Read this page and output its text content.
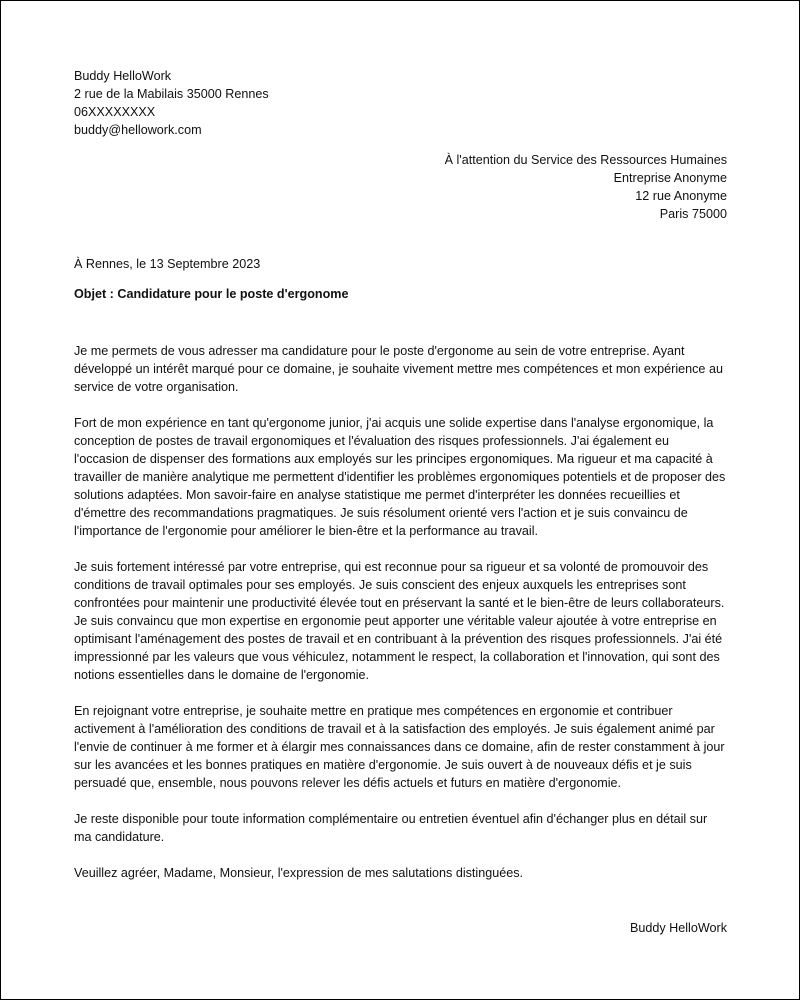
Buddy HelloWork
2 rue de la Mabilais 35000 Rennes
06XXXXXXXX
buddy@hellowork.com
À l'attention du Service des Ressources Humaines
Entreprise Anonyme
12 rue Anonyme
Paris 75000
À Rennes, le 13 Septembre 2023
Objet : Candidature pour le poste d'ergonome

Je me permets de vous adresser ma candidature pour le poste d'ergonome au sein de votre entreprise. Ayant développé un intérêt marqué pour ce domaine, je souhaite vivement mettre mes compétences et mon expérience au service de votre organisation.

Fort de mon expérience en tant qu'ergonome junior, j'ai acquis une solide expertise dans l'analyse ergonomique, la conception de postes de travail ergonomiques et l'évaluation des risques professionnels. J'ai également eu l'occasion de dispenser des formations aux employés sur les principes ergonomiques. Ma rigueur et ma capacité à travailler de manière analytique me permettent d'identifier les problèmes ergonomiques potentiels et de proposer des solutions adaptées. Mon savoir-faire en analyse statistique me permet d'interpréter les données recueillies et d'émettre des recommandations pragmatiques. Je suis résolument orienté vers l'action et je suis convaincu de l'importance de l'ergonomie pour améliorer le bien-être et la performance au travail.

Je suis fortement intéressé par votre entreprise, qui est reconnue pour sa rigueur et sa volonté de promouvoir des conditions de travail optimales pour ses employés. Je suis conscient des enjeux auxquels les entreprises sont confrontées pour maintenir une productivité élevée tout en préservant la santé et le bien-être de leurs collaborateurs. Je suis convaincu que mon expertise en ergonomie peut apporter une véritable valeur ajoutée à votre entreprise en optimisant l'aménagement des postes de travail et en contribuant à la prévention des risques professionnels. J'ai été impressionné par les valeurs que vous véhiculez, notamment le respect, la collaboration et l'innovation, qui sont des notions essentielles dans le domaine de l'ergonomie.

En rejoignant votre entreprise, je souhaite mettre en pratique mes compétences en ergonomie et contribuer activement à l'amélioration des conditions de travail et à la satisfaction des employés. Je suis également animé par l'envie de continuer à me former et à élargir mes connaissances dans ce domaine, afin de rester constamment à jour sur les avancées et les bonnes pratiques en matière d'ergonomie. Je suis ouvert à de nouveaux défis et je suis persuadé que, ensemble, nous pouvons relever les défis actuels et futurs en matière d'ergonomie.

Je reste disponible pour toute information complémentaire ou entretien éventuel afin d'échanger plus en détail sur ma candidature.

Veuillez agréer, Madame, Monsieur, l'expression de mes salutations distinguées.
Buddy HelloWork
